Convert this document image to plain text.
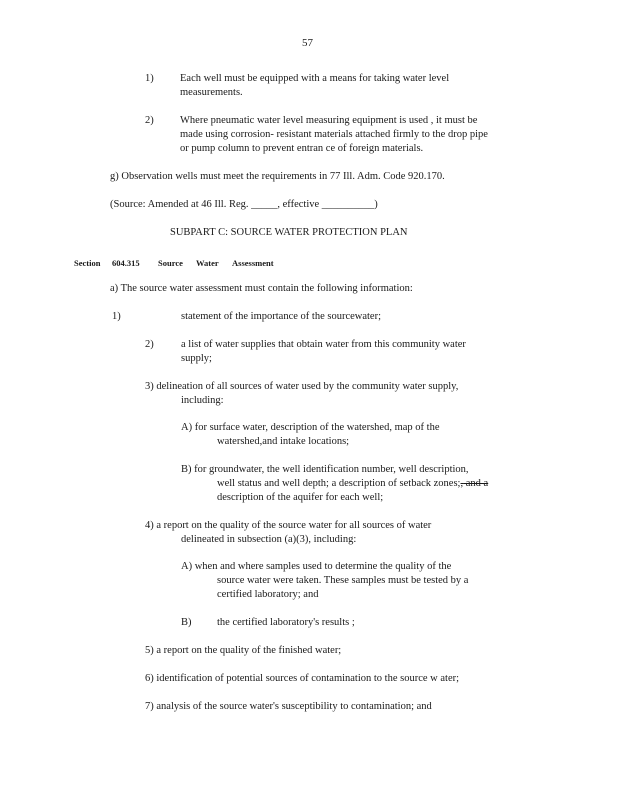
57
1)	Each well must be equipped with a means for taking water level
measurements.
2)	Where pneumatic water level measuring equipment is used , it must be
made using corrosion- resistant materials attached firmly to the drop pipe
or pump column to prevent entran ce of foreign materials.
g) Observation wells must meet the requirements in 77 Ill. Adm. Code 920.170.
(Source: Amended at 46 Ill. Reg. _____, effective __________)
SUBPART C: SOURCE WATER PROTECTION PLAN
Section 604.315 Source Water Assessment
a) The source water assessment must contain the following information:
1)	statement of the importance of the sourcewater;
2)	a list of water supplies that obtain water from this community water
supply;
3) delineation of all sources of water used by the community water supply,
including:
A) for surface water, description of the watershed, map of the
watershed,and intake locations;
B) for groundwater, the well identification number, well description,
well status and well depth; a description of setback zones;, and a
description of the aquifer for each well;
4) a report on the quality of the source water for all sources of water
delineated in subsection (a)(3), including:
A) when and where samples used to determine the quality of the
source water were taken. These samples must be tested by a
certified laboratory; and
B) the certified laboratory's results ;
5) a report on the quality of the finished water;
6) identification of potential sources of contamination to the source w ater;
7) analysis of the source water's susceptibility to contamination; and
